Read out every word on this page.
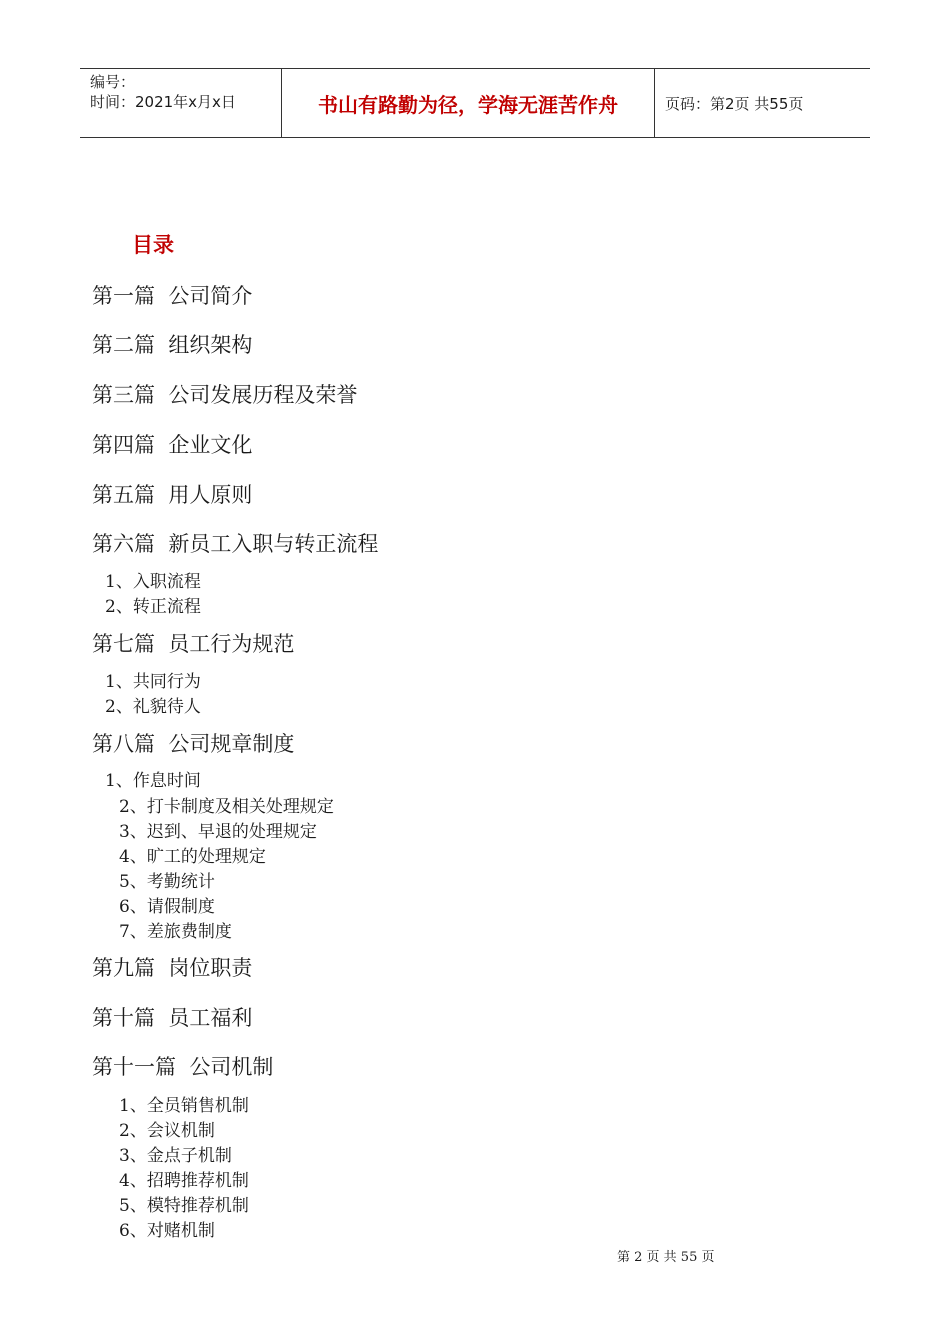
编号：
时间：2021年x月x日	书山有路勤为径，学海无涯苦作舟	页码：第2页 共55页
目录
第一篇  公司简介
第二篇  组织架构
第三篇  公司发展历程及荣誉
第四篇  企业文化
第五篇  用人原则
第六篇  新员工入职与转正流程
1、入职流程
2、转正流程
第七篇  员工行为规范
1、共同行为
2、礼貌待人
第八篇  公司规章制度
1、作息时间
2、打卡制度及相关处理规定
3、迟到、早退的处理规定
4、旷工的处理规定
5、考勤统计
6、请假制度
7、差旅费制度
第九篇  岗位职责
第十篇  员工福利
第十一篇  公司机制
1、全员销售机制
2、会议机制
3、金点子机制
4、招聘推荐机制
5、模特推荐机制
6、对赌机制
第 2 页 共 55 页
